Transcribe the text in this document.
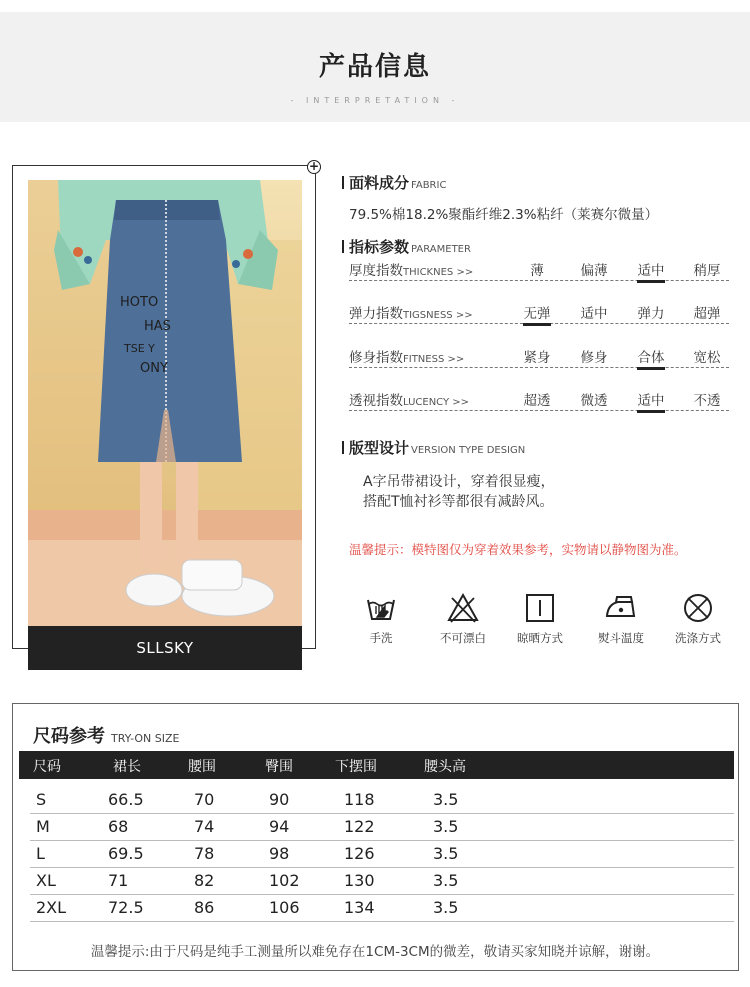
产品信息
- INTERPRETATION -
+
HOTO
HAS
TSE Y
ONY
SLLSKY
面料成分 FABRIC
79.5%棉18.2%聚酯纤维2.3%粘纤（莱赛尔微量）
指标参数 PARAMETER
厚度指数THICKNES >>	薄	偏薄	适中	稍厚
弹力指数TIGSNESS >>	无弹	适中	弹力	超弹
修身指数FITNESS >>	紧身	修身	合体	宽松
透视指数LUCENCY >>	超透	微透	适中	不透
版型设计 VERSION TYPE DESIGN
A字吊带裙设计，穿着很显瘦，
搭配T恤衬衫等都很有减龄风。
温馨提示：模特图仅为穿着效果参考，实物请以静物图为准。
手洗	不可漂白	晾晒方式	熨斗温度	洗涤方式
尺码参考 TRY-ON SIZE
尺码	裙长	腰围	臀围	下摆围	腰头高
S	66.5	70	90	118	3.5
M	68	74	94	122	3.5
L	69.5	78	98	126	3.5
XL	71	82	102	130	3.5
2XL	72.5	86	106	134	3.5
温馨提示:由于尺码是纯手工测量所以难免存在1CM-3CM的微差，敬请买家知晓并谅解，谢谢。
